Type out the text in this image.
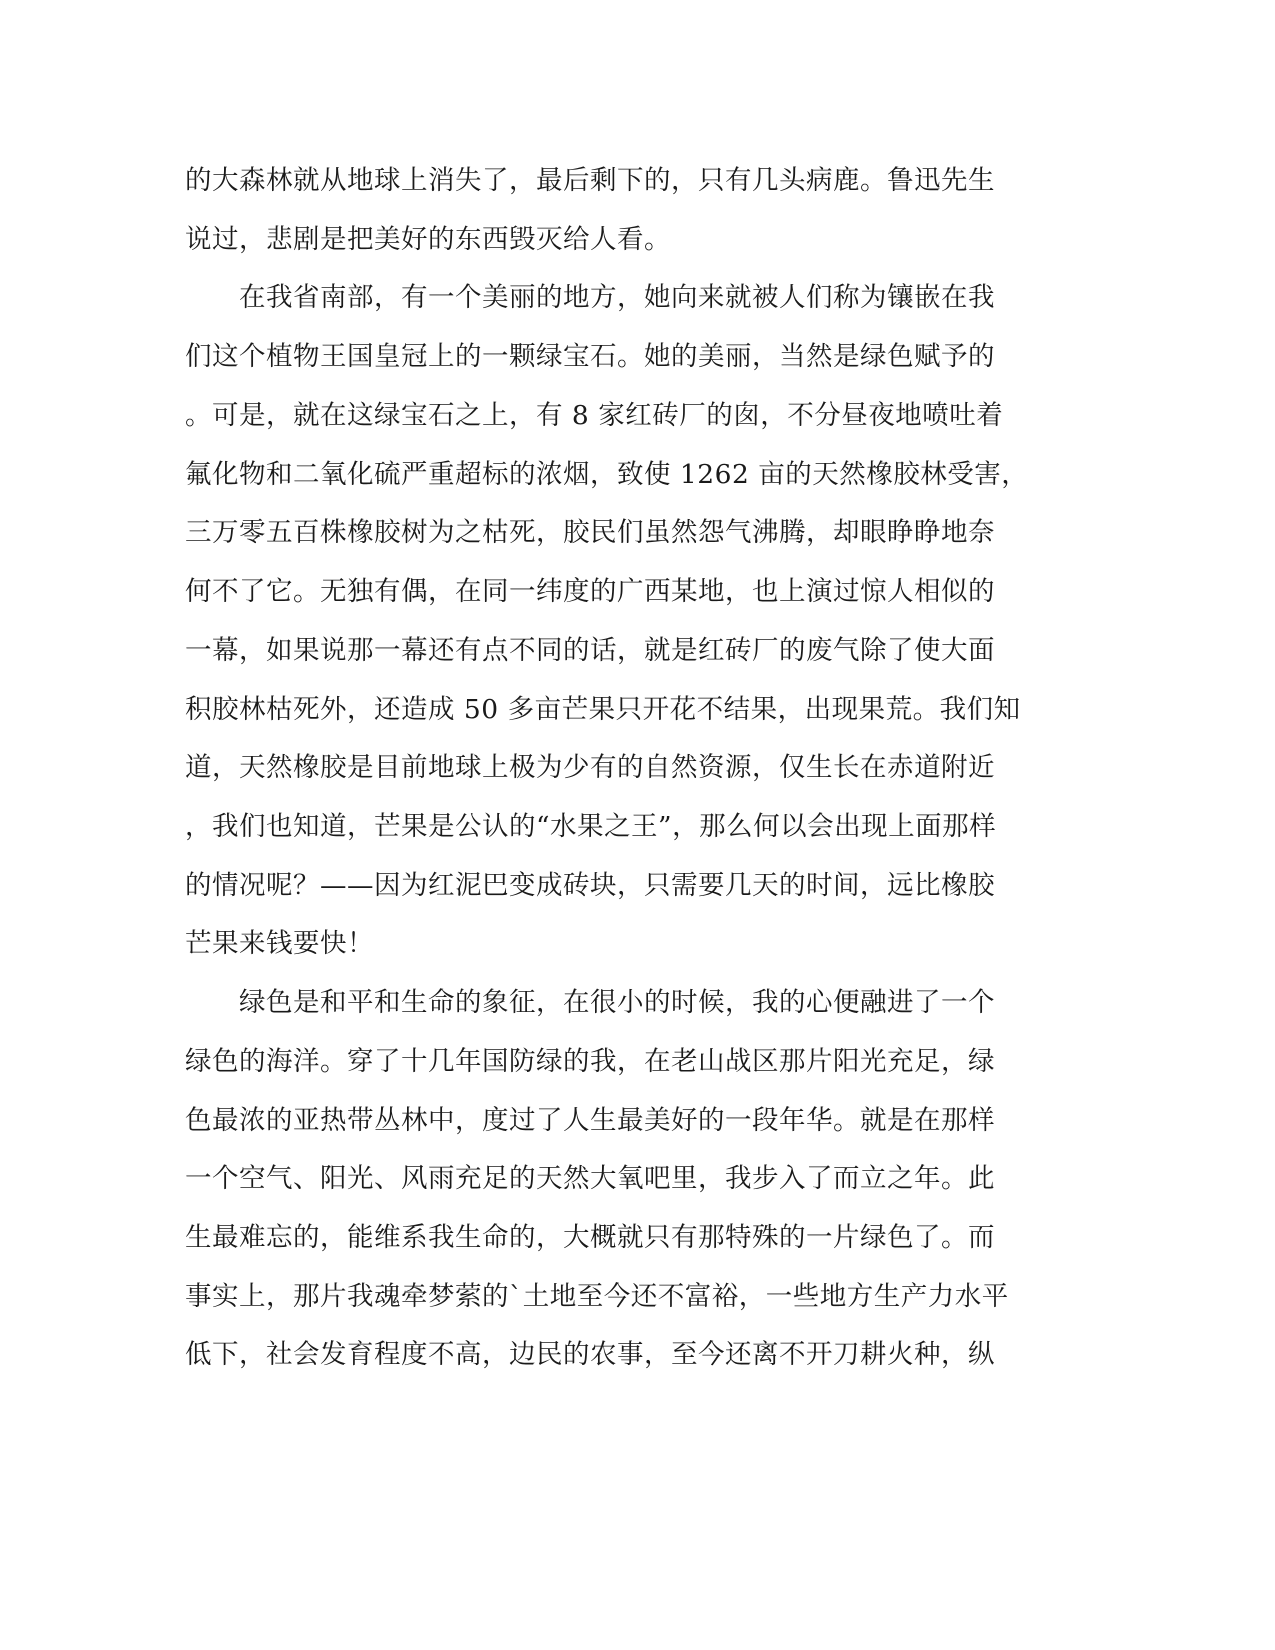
的大森林就从地球上消失了，最后剩下的，只有几头病鹿。鲁迅先生
说过，悲剧是把美好的东西毁灭给人看。
　　在我省南部，有一个美丽的地方，她向来就被人们称为镶嵌在我
们这个植物王国皇冠上的一颗绿宝石。她的美丽，当然是绿色赋予的
。可是，就在这绿宝石之上，有 8 家红砖厂的囱，不分昼夜地喷吐着
氟化物和二氧化硫严重超标的浓烟，致使 1262 亩的天然橡胶林受害，
三万零五百株橡胶树为之枯死，胶民们虽然怨气沸腾，却眼睁睁地奈
何不了它。无独有偶，在同一纬度的广西某地，也上演过惊人相似的
一幕，如果说那一幕还有点不同的话，就是红砖厂的废气除了使大面
积胶林枯死外，还造成 50 多亩芒果只开花不结果，出现果荒。我们知
道，天然橡胶是目前地球上极为少有的自然资源，仅生长在赤道附近
，我们也知道，芒果是公认的“水果之王”，那么何以会出现上面那样
的情况呢？——因为红泥巴变成砖块，只需要几天的时间，远比橡胶
芒果来钱要快！
　　绿色是和平和生命的象征，在很小的时候，我的心便融进了一个
绿色的海洋。穿了十几年国防绿的我，在老山战区那片阳光充足，绿
色最浓的亚热带丛林中，度过了人生最美好的一段年华。就是在那样
一个空气、阳光、风雨充足的天然大氧吧里，我步入了而立之年。此
生最难忘的，能维系我生命的，大概就只有那特殊的一片绿色了。而
事实上，那片我魂牵梦萦的`土地至今还不富裕，一些地方生产力水平
低下，社会发育程度不高，边民的农事，至今还离不开刀耕火种，纵
